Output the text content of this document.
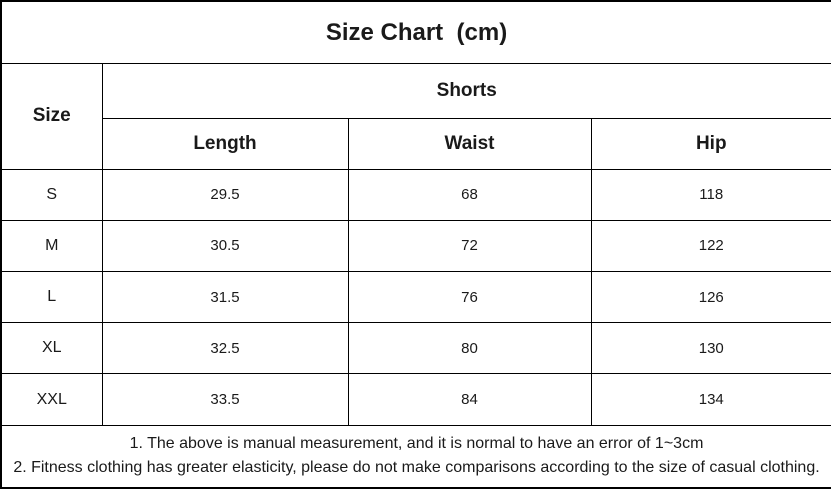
Size Chart  (cm)			
Size	Shorts		
	Length	Waist	Hip
S	29.5	68	118
M	30.5	72	122
L	31.5	76	126
XL	32.5	80	130
XXL	33.5	84	134

1. The above is manual measurement, and it is normal to have an error of 1~3cm
2. Fitness clothing has greater elasticity, please do not make comparisons according to the size of casual clothing.			
